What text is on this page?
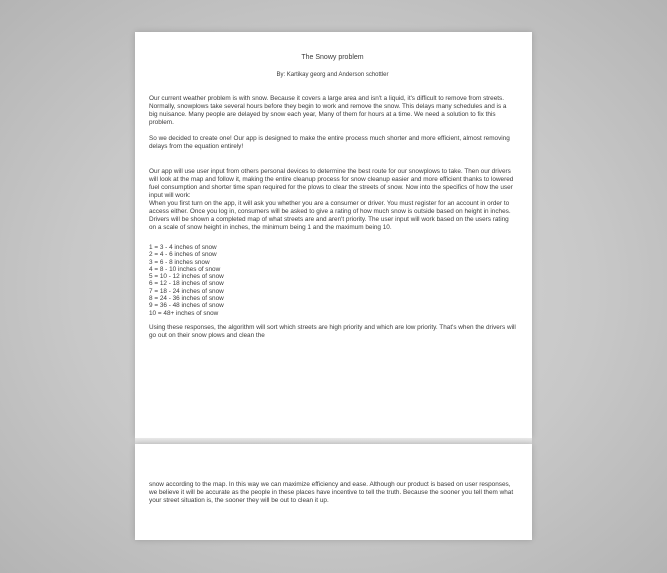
The Snowy problem
By: Kartikay georg and Anderson schottler

Our current weather problem is with snow. Because it covers a large area and isn't a liquid, it's difficult to remove from streets. Normally, snowplows take several hours before they begin to work and remove the snow. This delays many schedules and is a big nuisance. Many people are delayed by snow each year, Many of them for hours at a time. We need a solution to fix this problem.

So we decided to create one! Our app is designed to make the entire process much shorter and more efficient, almost removing delays from the equation entirely!

Our app will use user input from others personal devices to determine the best route for our snowplows to take. Then our drivers will look at the map and follow it, making the entire cleanup process for snow cleanup easier and more efficient thanks to lowered fuel consumption and shorter time span required for the plows to clear the streets of snow. Now into the specifics of how the user input will work:

When you first turn on the app, it will ask you whether you are a consumer or driver. You must register for an account in order to access either. Once you log in, consumers will be asked to give a rating of how much snow is outside based on height in inches. Drivers will be shown a completed map of what streets are and aren't priority. The user input will work based on the users rating on a scale of snow height in inches, the minimum being 1 and the maximum being 10.

1 = 3 - 4 inches of snow
2 = 4 - 6 inches of snow
3 = 6 - 8 inches snow
4 = 8 - 10 inches of snow
5 = 10 - 12 inches of snow
6 = 12 - 18 inches of snow
7 = 18 - 24 inches of snow
8 = 24 - 36 inches of snow
9 = 36 - 48 inches of snow
10 = 48+ inches of snow

Using these responses, the algorithm will sort which streets are high priority and which are low priority. That's when the drivers will go out on their snow plows and clean the

snow according to the map. In this way we can maximize efficiency and ease. Although our product is based on user responses, we believe it will be accurate as the people in these places have incentive to tell the truth. Because the sooner you tell them what your street situation is, the sooner they will be out to clean it up.
